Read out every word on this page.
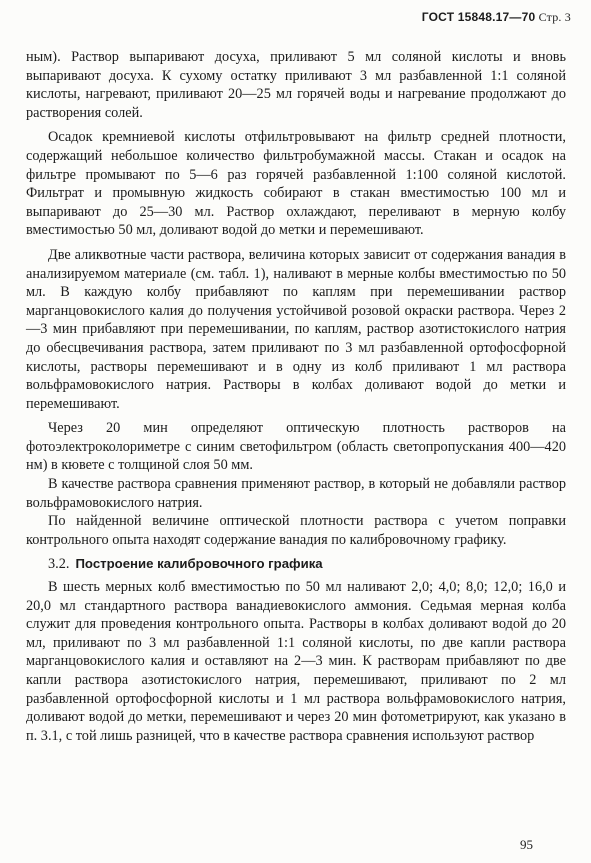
ГОСТ 15848.17—70 Стр. 3

ным). Раствор выпаривают досуха, приливают 5 мл соляной кислоты и вновь выпаривают досуха. К сухому остатку приливают 3 мл разбавленной 1:1 соляной кислоты, нагревают, приливают 20—25 мл горячей воды и нагревание продолжают до растворения солей.

Осадок кремниевой кислоты отфильтровывают на фильтр средней плотности, содержащий небольшое количество фильтробумажной массы. Стакан и осадок на фильтре промывают по 5—6 раз горячей разбавленной 1:100 соляной кислотой. Фильтрат и промывную жидкость собирают в стакан вместимостью 100 мл и выпаривают до 25—30 мл. Раствор охлаждают, переливают в мерную колбу вместимостью 50 мл, доливают водой до метки и перемешивают.

Две аликвотные части раствора, величина которых зависит от содержания ванадия в анализируемом материале (см. табл. 1), наливают в мерные колбы вместимостью по 50 мл. В каждую колбу прибавляют по каплям при перемешивании раствор марганцовокислого калия до получения устойчивой розовой окраски раствора. Через 2—3 мин прибавляют при перемешивании, по каплям, раствор азотистокислого натрия до обесцвечивания раствора, затем приливают по 3 мл разбавленной ортофосфорной кислоты, растворы перемешивают и в одну из колб приливают 1 мл раствора вольфрамовокислого натрия. Растворы в колбах доливают водой до метки и перемешивают.

Через 20 мин определяют оптическую плотность растворов на фотоэлектроколориметре с синим светофильтром (область светопропускания 400—420 нм) в кювете с толщиной слоя 50 мм.

В качестве раствора сравнения применяют раствор, в который не добавляли раствор вольфрамовокислого натрия.

По найденной величине оптической плотности раствора с учетом поправки контрольного опыта находят содержание ванадия по калибровочному графику.

3.2. Построение калибровочного графика

В шесть мерных колб вместимостью по 50 мл наливают 2,0; 4,0; 8,0; 12,0; 16,0 и 20,0 мл стандартного раствора ванадиевокислого аммония. Седьмая мерная колба служит для проведения контрольного опыта. Растворы в колбах доливают водой до 20 мл, приливают по 3 мл разбавленной 1:1 соляной кислоты, по две капли раствора марганцовокислого калия и оставляют на 2—3 мин. К растворам прибавляют по две капли раствора азотистокислого натрия, перемешивают, приливают по 2 мл разбавленной ортофосфорной кислоты и 1 мл раствора вольфрамовокислого натрия, доливают водой до метки, перемешивают и через 20 мин фотометрируют, как указано в п. 3.1, с той лишь разницей, что в качестве раствора сравнения используют раствор

95
